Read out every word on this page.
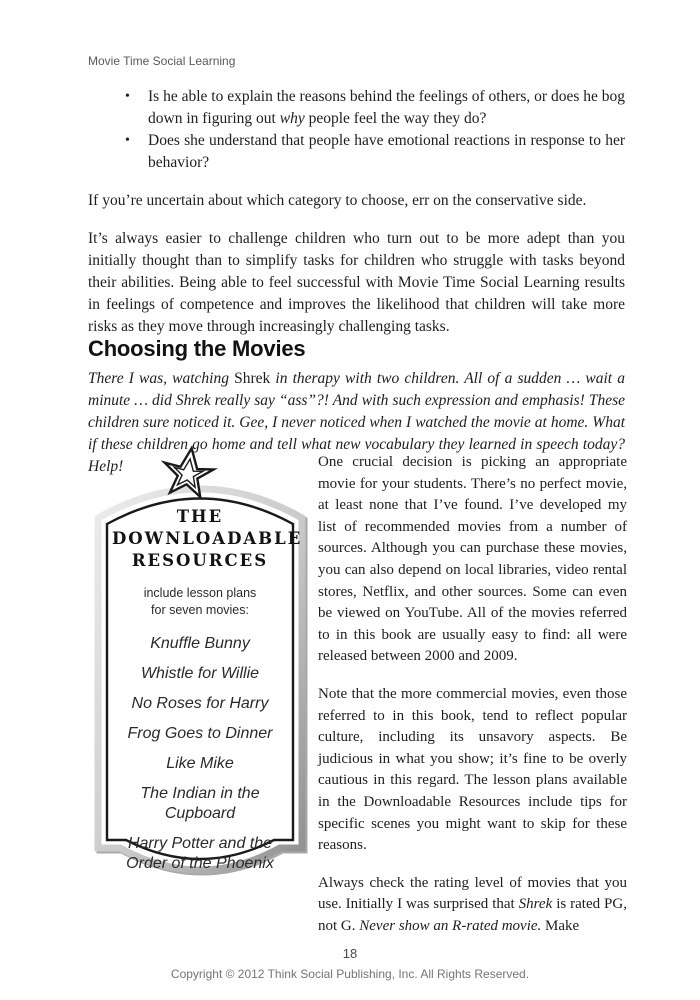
Movie Time Social Learning
• Is he able to explain the reasons behind the feelings of others, or does he bog down in figuring out why people feel the way they do?
• Does she understand that people have emotional reactions in response to her behavior?
If you’re uncertain about which category to choose, err on the conservative side.
It’s always easier to challenge children who turn out to be more adept than you initially thought than to simplify tasks for children who struggle with tasks beyond their abilities. Being able to feel successful with Movie Time Social Learning results in feelings of competence and improves the likelihood that children will take more risks as they move through increasingly challenging tasks.
Choosing the Movies
There I was, watching Shrek in therapy with two children. All of a sudden … wait a minute … did Shrek really say “ass”?! And with such expression and emphasis! These children sure noticed it. Gee, I never noticed when I watched the movie at home. What if these children go home and tell what new vocabulary they learned in speech today? Help!
THE
DOWNLOADABLE
RESOURCES
include lesson plans
for seven movies:
Knuffle Bunny
Whistle for Willie
No Roses for Harry
Frog Goes to Dinner
Like Mike
The Indian in the Cupboard
Harry Potter and the Order of the Phoenix

One crucial decision is picking an appropriate movie for your students. There’s no perfect movie, at least none that I’ve found. I’ve developed my list of recommended movies from a number of sources. Although you can purchase these movies, you can also depend on local libraries, video rental stores, Netflix, and other sources. Some can even be viewed on YouTube. All of the movies referred to in this book are usually easy to find: all were released between 2000 and 2009.

Note that the more commercial movies, even those referred to in this book, tend to reflect popular culture, including its unsavory aspects. Be judicious in what you show; it’s fine to be overly cautious in this regard. The lesson plans available in the Downloadable Resources include tips for specific scenes you might want to skip for these reasons.

Always check the rating level of movies that you use. Initially I was surprised that Shrek is rated PG, not G. Never show an R-rated movie. Make

18
Copyright © 2012 Think Social Publishing, Inc. All Rights Reserved.
